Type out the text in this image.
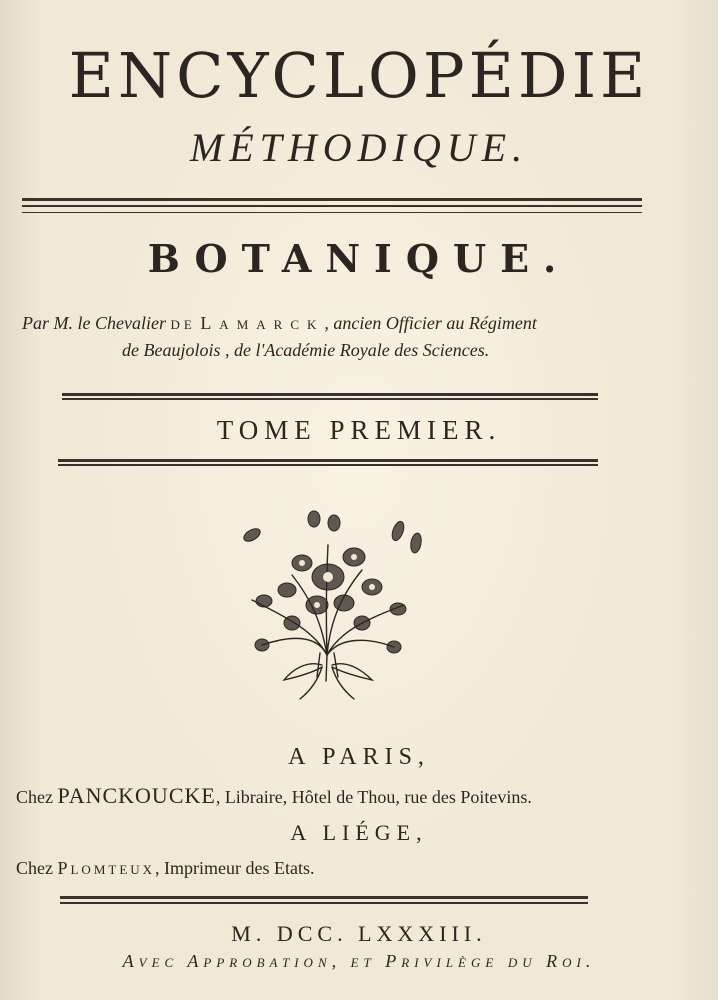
ENCYCLOPÉDIE
MÉTHODIQUE.
BOTANIQUE.
Par M. le Chevalier de Lamarck, ancien Officier au Régiment
de Beaujolois , de l'Académie Royale des Sciences.
TOME PREMIER.
A PARIS,
Chez PANCKOUCKE, Libraire, Hôtel de Thou, rue des Poitevins.
A LIÉGE,
Chez Plomteux, Imprimeur des Etats.
M. DCC. LXXXIII.
Avec Approbation, et Privilège du Roi.
